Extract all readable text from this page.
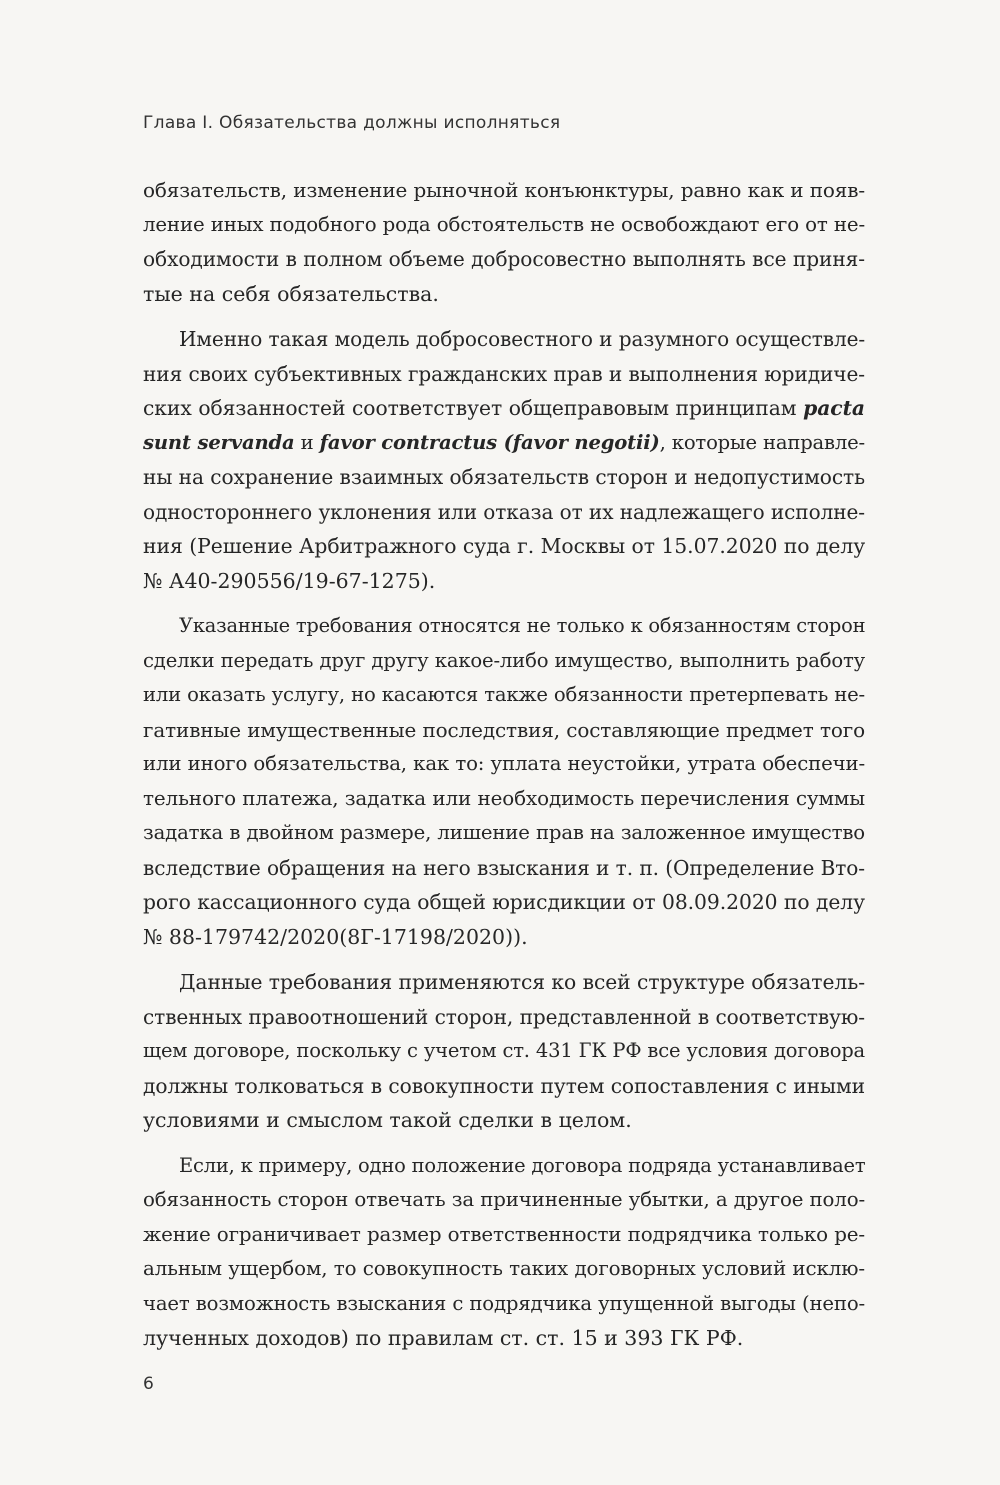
Глава I. Обязательства должны исполняться

обязательств, изменение рыночной конъюнктуры, равно как и появ-
ление иных подобного рода обстоятельств не освобождают его от не-
обходимости в полном объеме добросовестно выполнять все приня-
тые на себя обязательства.

Именно такая модель добросовестного и разумного осуществле-
ния своих субъективных гражданских прав и выполнения юридиче-
ских обязанностей соответствует общеправовым принципам pacta
sunt servanda и favor contractus (favor negotii), которые направле-
ны на сохранение взаимных обязательств сторон и недопустимость
одностороннего уклонения или отказа от их надлежащего исполне-
ния (Решение Арбитражного суда г. Москвы от 15.07.2020 по делу
№ А40-290556/19-67-1275).

Указанные требования относятся не только к обязанностям сторон
сделки передать друг другу какое-либо имущество, выполнить работу
или оказать услугу, но касаются также обязанности претерпевать не-
гативные имущественные последствия, составляющие предмет того
или иного обязательства, как то: уплата неустойки, утрата обеспечи-
тельного платежа, задатка или необходимость перечисления суммы
задатка в двойном размере, лишение прав на заложенное имущество
вследствие обращения на него взыскания и т. п. (Определение Вто-
рого кассационного суда общей юрисдикции от 08.09.2020 по делу
№ 88-179742/2020(8Г-17198/2020)).

Данные требования применяются ко всей структуре обязатель-
ственных правоотношений сторон, представленной в соответствую-
щем договоре, поскольку с учетом ст. 431 ГК РФ все условия договора
должны толковаться в совокупности путем сопоставления с иными
условиями и смыслом такой сделки в целом.

Если, к примеру, одно положение договора подряда устанавливает
обязанность сторон отвечать за причиненные убытки, а другое поло-
жение ограничивает размер ответственности подрядчика только ре-
альным ущербом, то совокупность таких договорных условий исклю-
чает возможность взыскания с подрядчика упущенной выгоды (непо-
лученных доходов) по правилам ст. ст. 15 и 393 ГК РФ.

6
